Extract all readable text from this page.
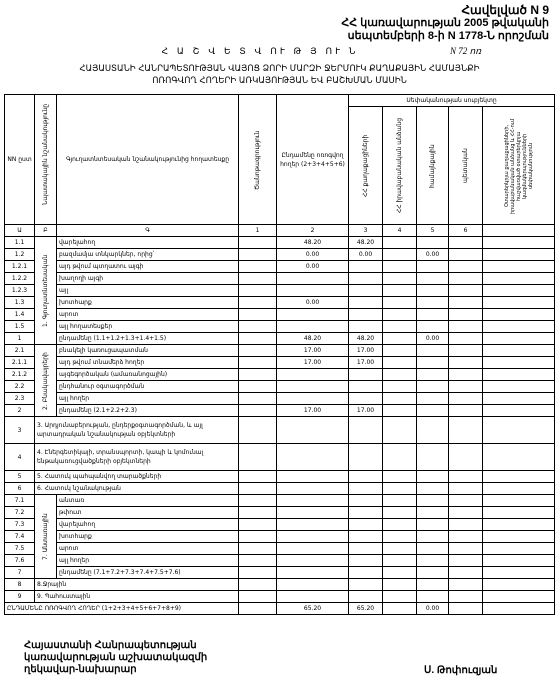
Հավելված N 9
ՀՀ կառավարության 2005 թվականի
սեպտեմբերի 8-ի N 1778-Ն որոշման
Հ Ա Շ Վ Ե Տ Վ ՈՒ Թ Յ ՈՒ Ն	N 72 ոռ
ՀԱՅԱՍՏԱՆԻ ՀԱՆՐԱՊԵՏՈՒԹՅԱՆ ՎԱՅՈՑ ՁՈՐԻ ՄԱՐԶԻ ՋԵՐՄՈՒԿ ՔԱՂԱՔԱՅԻՆ ՀԱՄԱՅՆՔԻ
ՈՌՈԳՎՈՂ ՀՈՂԵՐԻ ԱՌԿԱՅՈՒԹՅԱՆ ԵՎ ԲԱՇԽՄԱՆ ՄԱՍԻՆ
NN ըստ	Նպատակային նշանակությունը	Գյուղատնտեսական նշանակությունից հողատեսքը	Ծանոթագրություն	Ընդամենը ոռոգվող հողեր (2+3+4+5+6)	Սեփականության սուբյեկտը				

					ՀՀ քաղաքացիների	ՀՀ իրավաբանական անձանց	համայնքային	պետական	Օտարերկրյա քաղաքացիների, իրավաբանական անձանց և ՀՀ-ում հաշվառված օտարերկրյա կազմակերպությունների սեփականություն

Ա	Բ	Գ	1	2	3	4	5	6	
1.1	1. Գյուղատնտեսական	վարելահող		48.20	48.20				
1.2		բազմամյա տնկարկներ, որից՝		0.00	0.00		0.00		
1.2.1		այդ թվում պտղատու այգի		0.00					
1.2.2		խաղողի այգի							
1.2.3		այլ							
1.3		խոտհարք		0.00					
1.4		արոտ							
1.5		այլ հողատեսքեր							
1		ընդամենը (1.1+1.2+1.3+1.4+1.5)		48.20	48.20		0.00		
2.1	2. Բնակավայրերի	բնակելի կառուցապատման		17.00	17.00				
2.1.1		այդ թվում տնամերձ հողեր		17.00	17.00				
2.1.2		այգեգործական (ամառանոցային)							
2.2		ընդհանուր օգտագործման							
2.3		այլ հողեր							
2		ընդամենը (2.1+2.2+2.3)		17.00	17.00				
3	3. Արդյունաբերության, ընդերքօգտագործման, և այլ
արտադրական նշանակության օբյեկտների								

4	4. Էներգետիկայի, տրանսպորտի, կապի և կոմունալ
ենթակառուցվածքների օբյեկտների								

5	5. Հատուկ պահպանվող տարածքների								
6	6. Հատուկ նշանակության								
7.1	7. Անտառային	անտառ							
7.2		թփուտ							
7.3		վարելահող							
7.4		խոտհարք							
7.5		արոտ							
7.6		այլ հողեր							
7		ընդամենը (7.1+7.2+7.3+7.4+7.5+7.6)							
8	8.Ջրային								
9	9. Պահուստային								
ԸՆԴԱՄԵՆԸ ՈՌՈԳՎՈՂ ՀՈՂԵՐ (1+2+3+4+5+6+7+8+9)				65.20	65.20		0.00		
Հայաստանի Հանրապետության
կառավարության աշխատակազմի
ղեկավար-նախարար	Ս. Թոփուզյան
